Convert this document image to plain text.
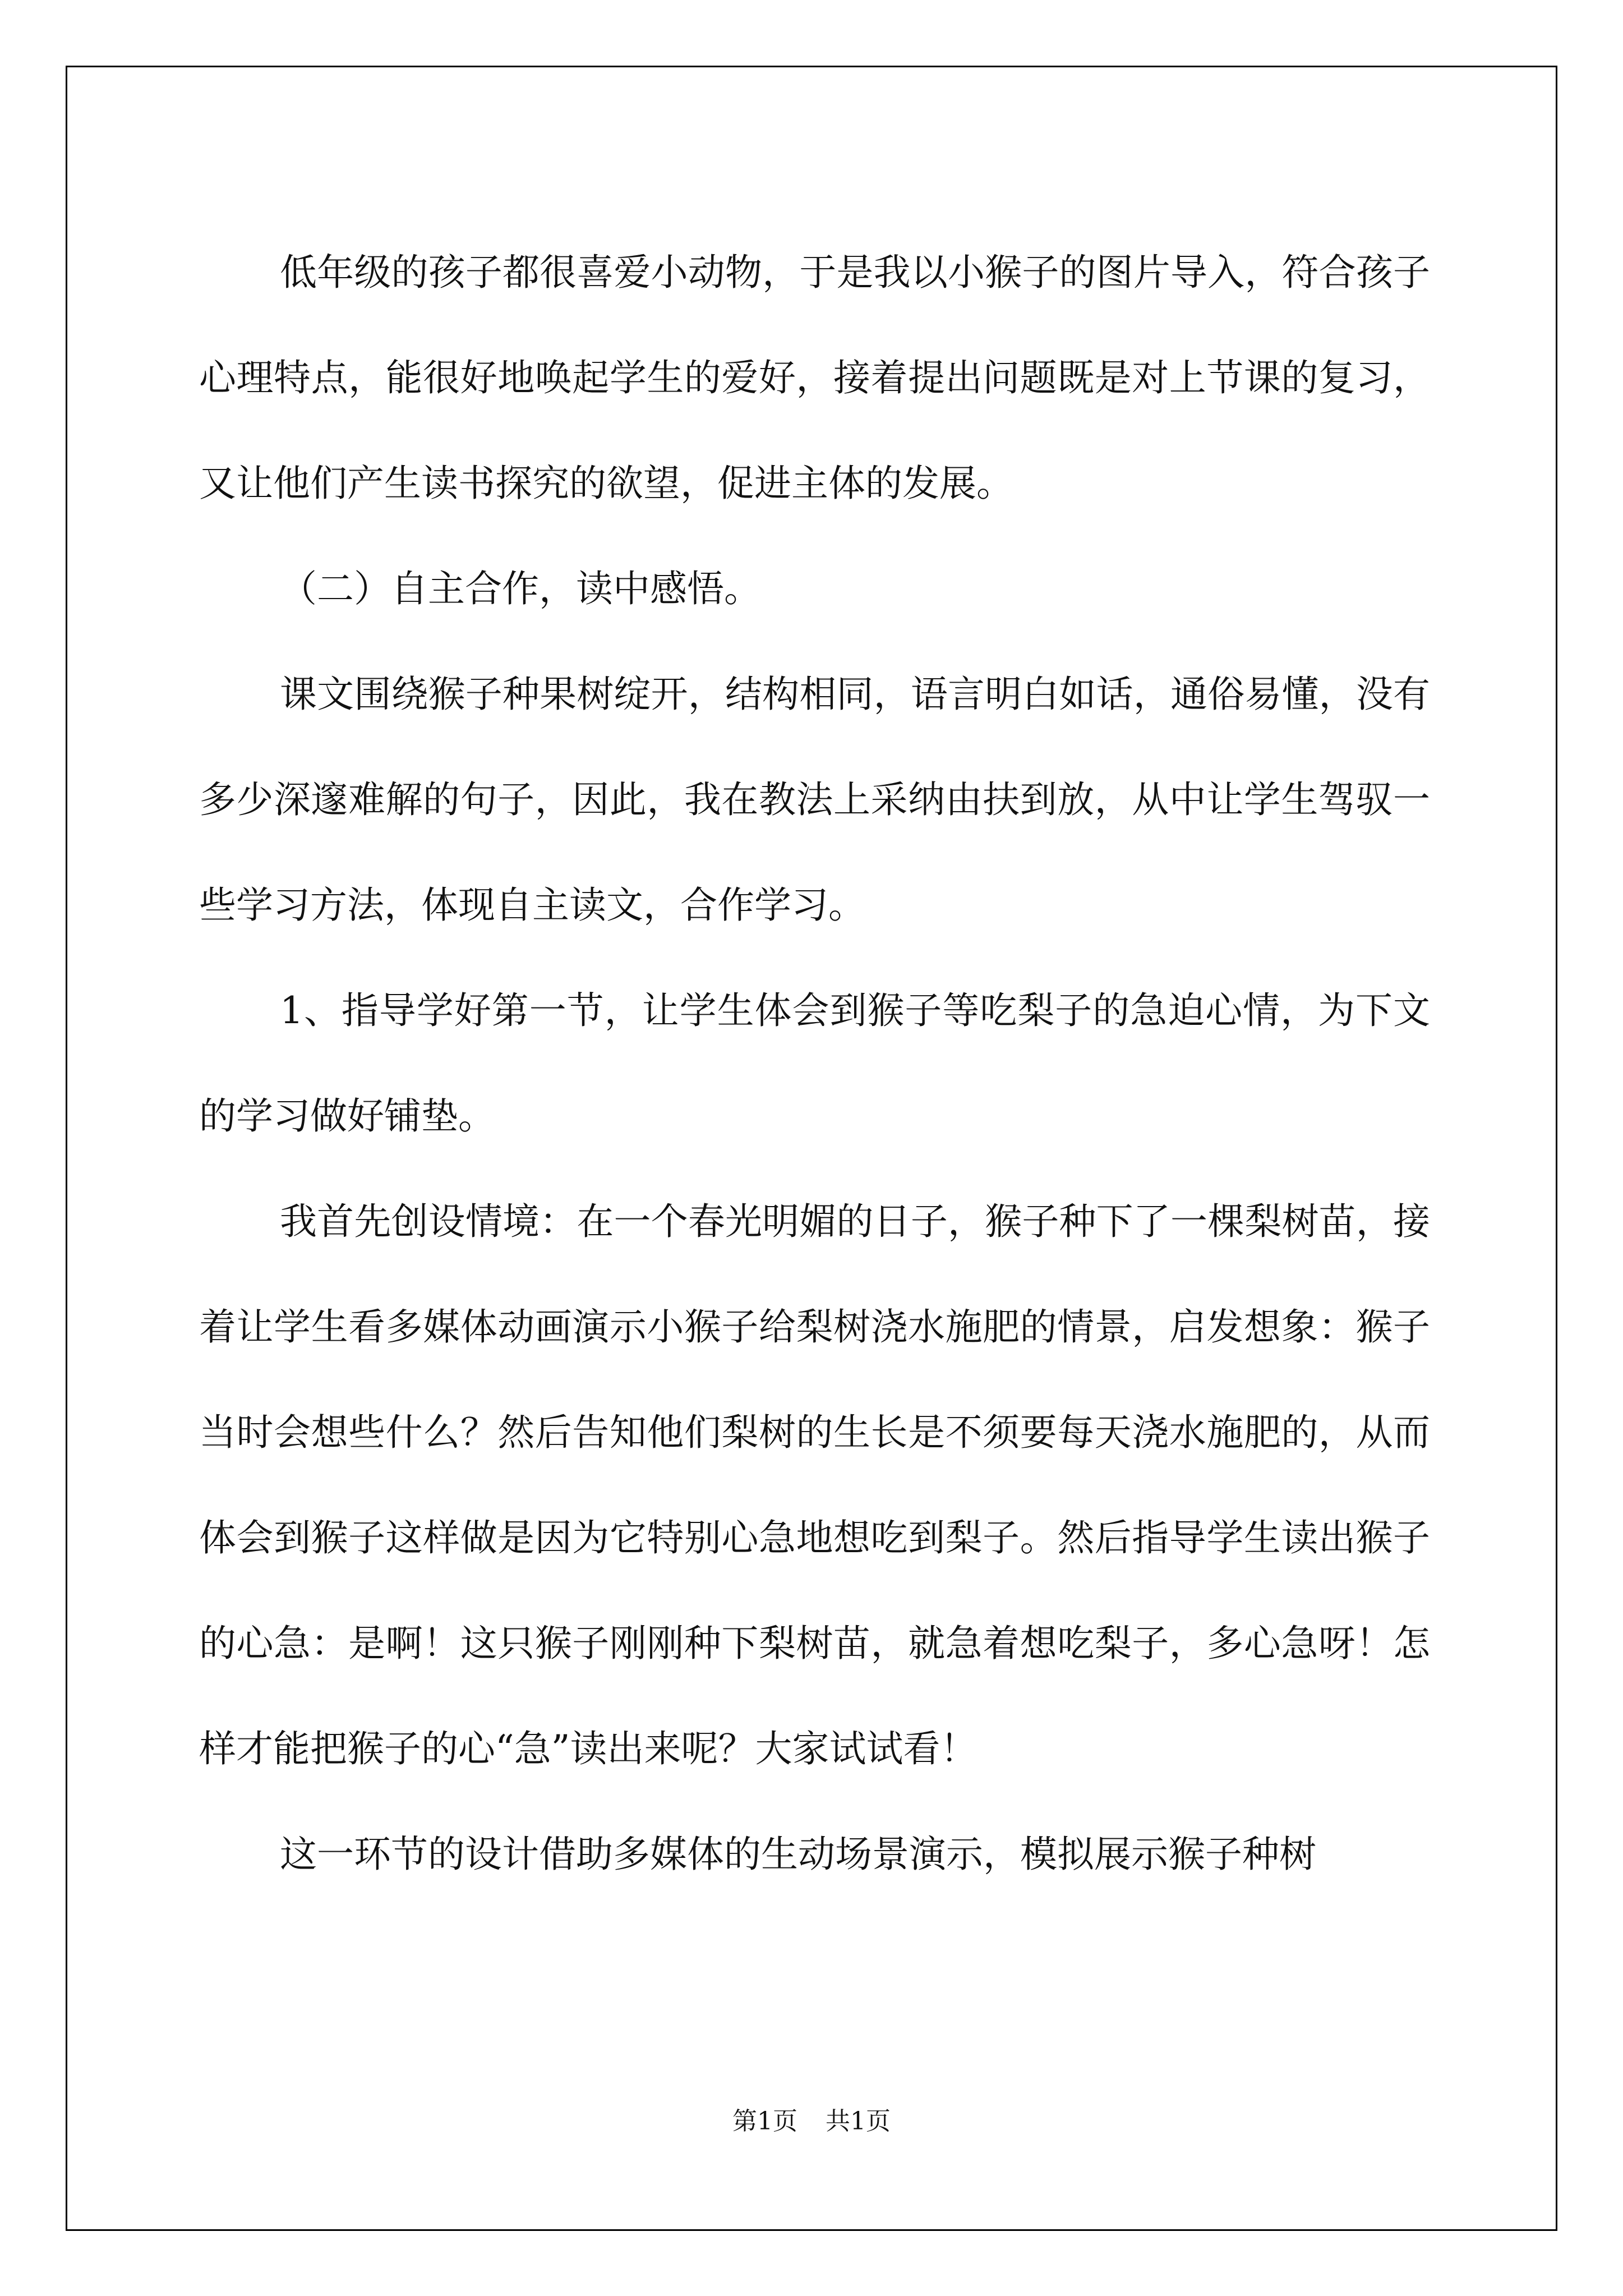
低年级的孩子都很喜爱小动物，于是我以小猴子的图片导入，符合孩子心理特点，能很好地唤起学生的爱好，接着提出问题既是对上节课的复习，又让他们产生读书探究的欲望，促进主体的发展。

（二）自主合作，读中感悟。

课文围绕猴子种果树绽开，结构相同，语言明白如话，通俗易懂，没有多少深邃难解的句子，因此，我在教法上采纳由扶到放，从中让学生驾驭一些学习方法，体现自主读文，合作学习。

1、指导学好第一节，让学生体会到猴子等吃梨子的急迫心情，为下文的学习做好铺垫。

我首先创设情境：在一个春光明媚的日子，猴子种下了一棵梨树苗，接着让学生看多媒体动画演示小猴子给梨树浇水施肥的情景，启发想象：猴子当时会想些什么？然后告知他们梨树的生长是不须要每天浇水施肥的，从而体会到猴子这样做是因为它特别心急地想吃到梨子。然后指导学生读出猴子的心急：是啊！这只猴子刚刚种下梨树苗，就急着想吃梨子，多心急呀！怎样才能把猴子的心“急”读出来呢？大家试试看！

这一环节的设计借助多媒体的生动场景演示，模拟展示猴子种树

第1页 共1页
